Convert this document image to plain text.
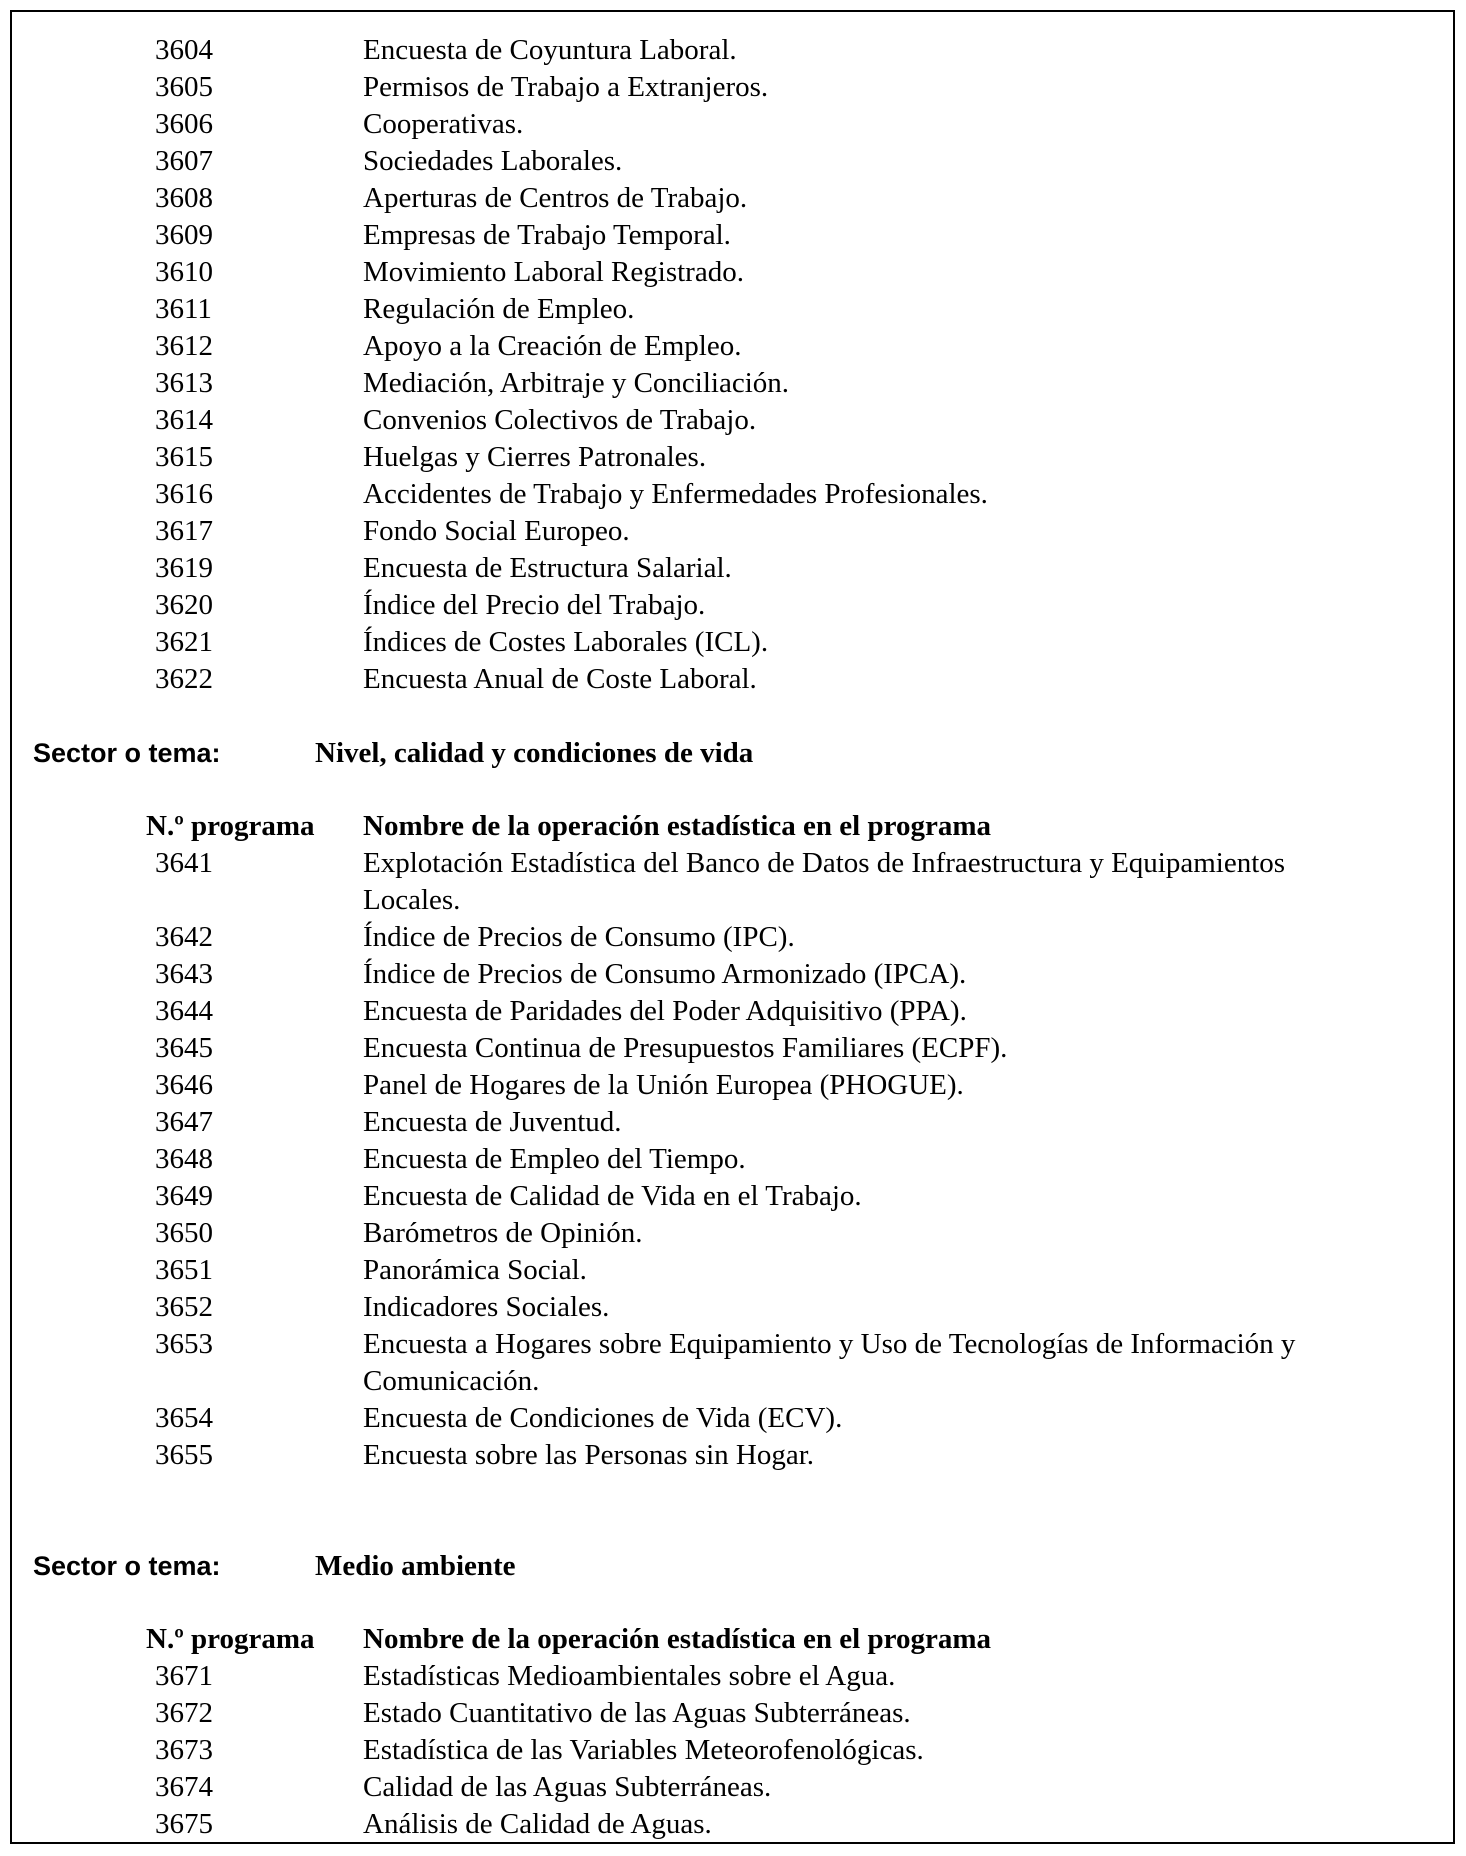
Sector o tema:	Nivel, calidad y condiciones de vida
N.º programa Nombre de la operación estadística en el programa
Sector o tema:	Medio ambiente
N.º programa Nombre de la operación estadística en el programa
3604	Encuesta de Coyuntura Laboral.
3605	Permisos de Trabajo a Extranjeros.
3606	Cooperativas.
3607	Sociedades Laborales.
3608	Aperturas de Centros de Trabajo.
3609	Empresas de Trabajo Temporal.
3610	Movimiento Laboral Registrado.
3611	Regulación de Empleo.
3612	Apoyo a la Creación de Empleo.
3613	Mediación, Arbitraje y Conciliación.
3614	Convenios Colectivos de Trabajo.
3615	Huelgas y Cierres Patronales.
3616	Accidentes de Trabajo y Enfermedades Profesionales.
3617	Fondo Social Europeo.
3619	Encuesta de Estructura Salarial.
3620	Índice del Precio del Trabajo.
3621	Índices de Costes Laborales (ICL).
3622	Encuesta Anual de Coste Laboral.
3641	Explotación Estadística del Banco de Datos de Infraestructura y Equipamientos
Locales.
3642	Índice de Precios de Consumo (IPC).
3643	Índice de Precios de Consumo Armonizado (IPCA).
3644	Encuesta de Paridades del Poder Adquisitivo (PPA).
3645	Encuesta Continua de Presupuestos Familiares (ECPF).
3646	Panel de Hogares de la Unión Europea (PHOGUE).
3647	Encuesta de Juventud.
3648	Encuesta de Empleo del Tiempo.
3649	Encuesta de Calidad de Vida en el Trabajo.
3650	Barómetros de Opinión.
3651	Panorámica Social.
3652	Indicadores Sociales.
3653	Encuesta a Hogares sobre Equipamiento y Uso de Tecnologías de Información y
Comunicación.
3654	Encuesta de Condiciones de Vida (ECV).
3655	Encuesta sobre las Personas sin Hogar.
3671	Estadísticas Medioambientales sobre el Agua.
3672	Estado Cuantitativo de las Aguas Subterráneas.
3673	Estadística de las Variables Meteorofenológicas.
3674	Calidad de las Aguas Subterráneas.
3675	Análisis de Calidad de Aguas.
